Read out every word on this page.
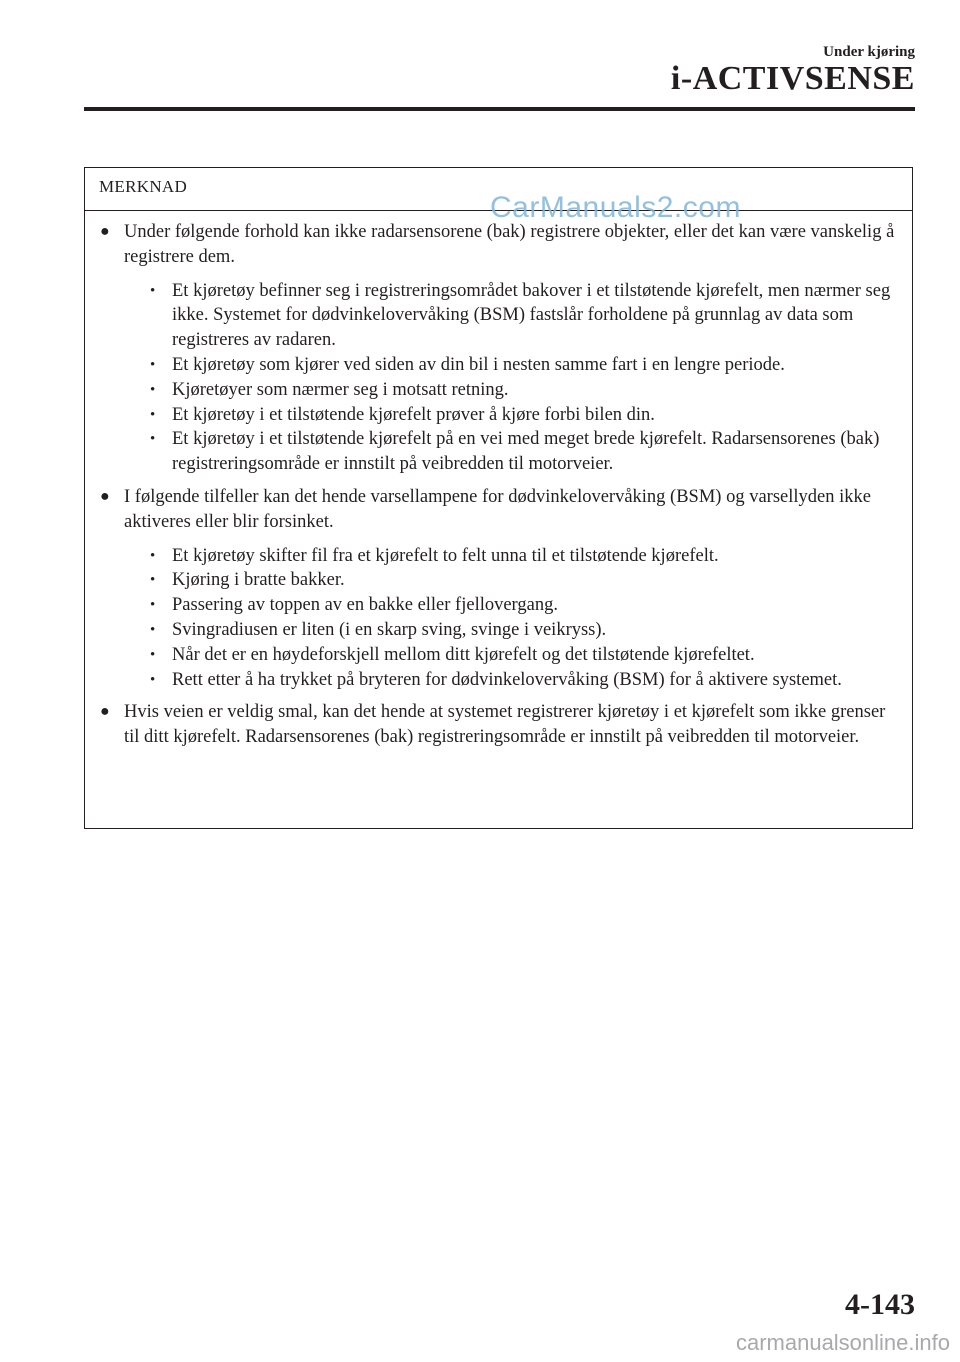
Under kjøring
i-ACTIVSENSE
MERKNAD
● Under følgende forhold kan ikke radarsensorene (bak) registrere objekter, eller det kan være vanskelig å registrere dem.
• Et kjøretøy befinner seg i registreringsområdet bakover i et tilstøtende kjørefelt, men nærmer seg ikke. Systemet for dødvinkelovervåking (BSM) fastslår forholdene på grunnlag av data som registreres av radaren.
• Et kjøretøy som kjører ved siden av din bil i nesten samme fart i en lengre periode.
• Kjøretøyer som nærmer seg i motsatt retning.
• Et kjøretøy i et tilstøtende kjørefelt prøver å kjøre forbi bilen din.
• Et kjøretøy i et tilstøtende kjørefelt på en vei med meget brede kjørefelt. Radarsensorenes (bak) registreringsområde er innstilt på veibredden til motorveier.
● I følgende tilfeller kan det hende varsellampene for dødvinkelovervåking (BSM) og varsellyden ikke aktiveres eller blir forsinket.
• Et kjøretøy skifter fil fra et kjørefelt to felt unna til et tilstøtende kjørefelt.
• Kjøring i bratte bakker.
• Passering av toppen av en bakke eller fjellovergang.
• Svingradiusen er liten (i en skarp sving, svinge i veikryss).
• Når det er en høydeforskjell mellom ditt kjørefelt og det tilstøtende kjørefeltet.
• Rett etter å ha trykket på bryteren for dødvinkelovervåking (BSM) for å aktivere systemet.
● Hvis veien er veldig smal, kan det hende at systemet registrerer kjøretøy i et kjørefelt som ikke grenser til ditt kjørefelt. Radarsensorenes (bak) registreringsområde er innstilt på veibredden til motorveier.
CarManuals2.com
4-143
carmanualsonline.info
